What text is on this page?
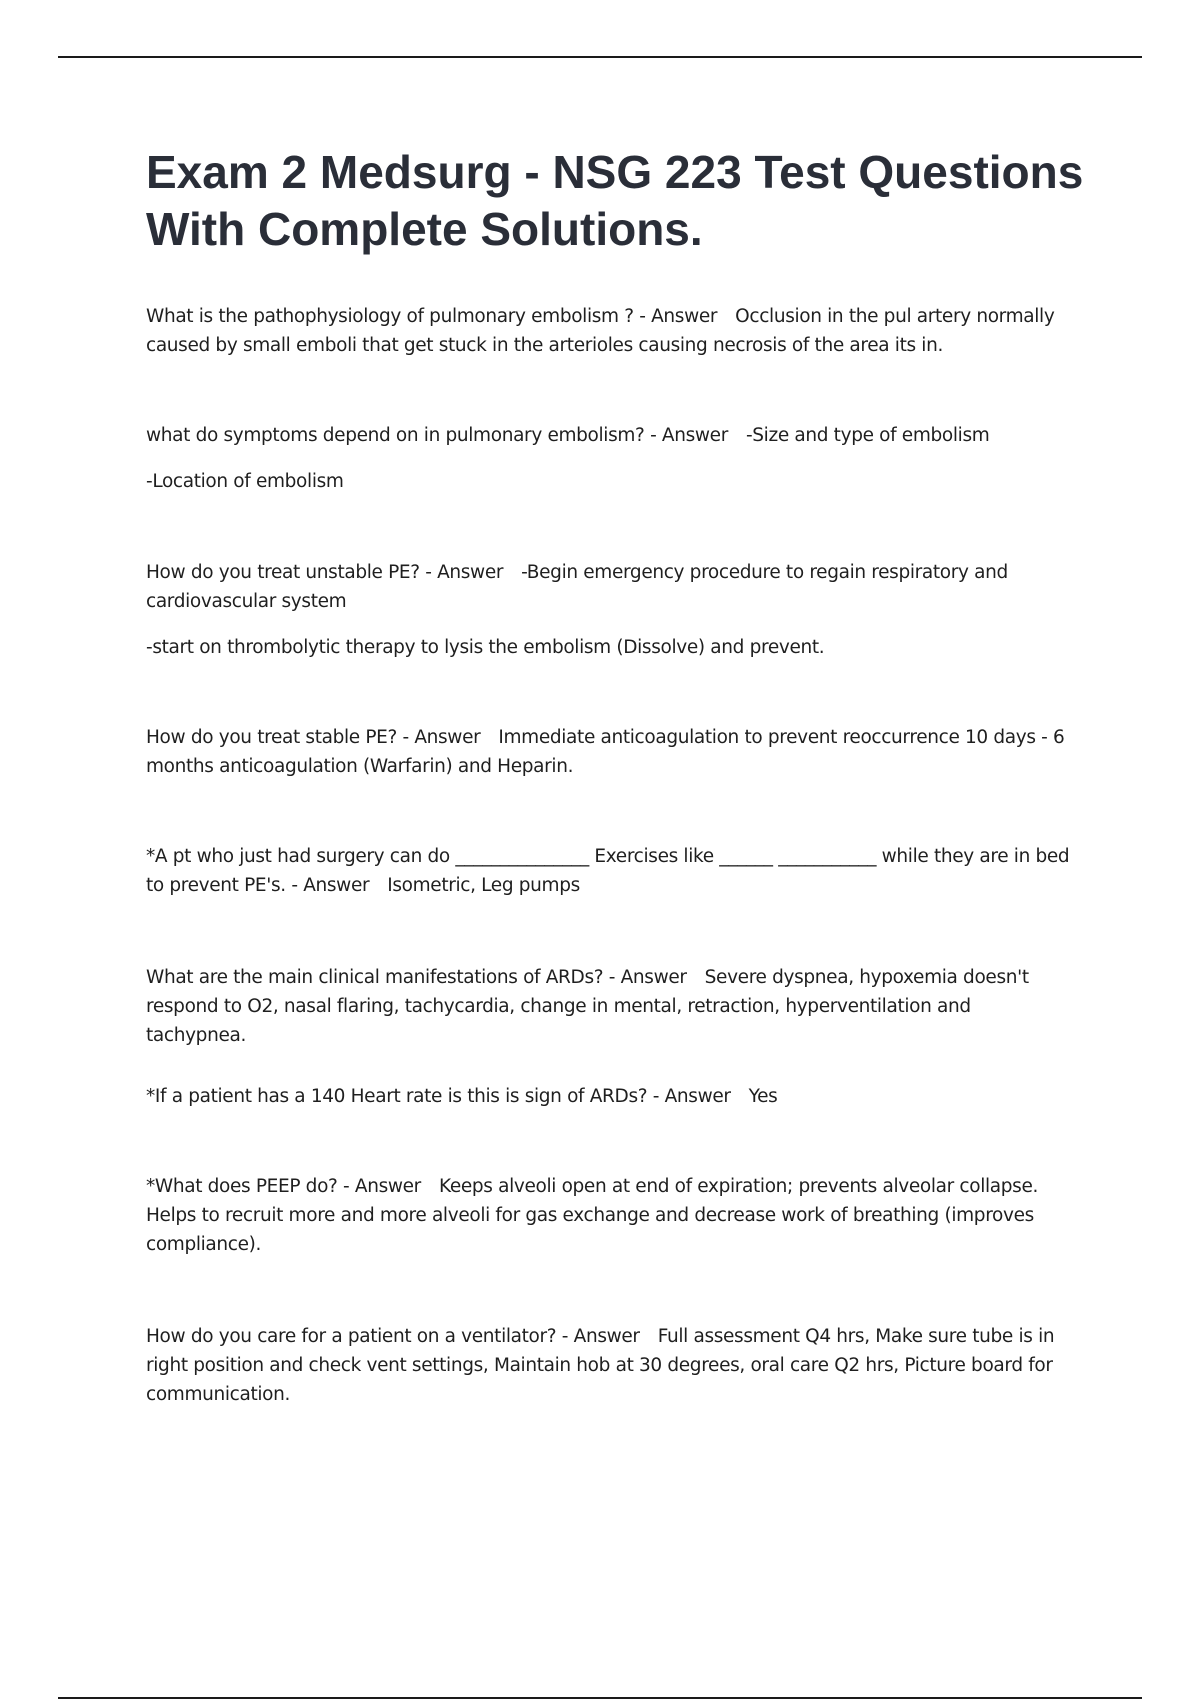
Exam 2 Medsurg - NSG 223 Test Questions With Complete Solutions.

What is the pathophysiology of pulmonary embolism ? - Answer Occlusion in the pul artery normally caused by small emboli that get stuck in the arterioles causing necrosis of the area its in.

what do symptoms depend on in pulmonary embolism? - Answer -Size and type of embolism

-Location of embolism

How do you treat unstable PE? - Answer -Begin emergency procedure to regain respiratory and cardiovascular system

-start on thrombolytic therapy to lysis the embolism (Dissolve) and prevent.

How do you treat stable PE? - Answer Immediate anticoagulation to prevent reoccurrence 10 days - 6 months anticoagulation (Warfarin) and Heparin.

*A pt who just had surgery can do _______________ Exercises like ______ ___________ while they are in bed to prevent PE's. - Answer Isometric, Leg pumps

What are the main clinical manifestations of ARDs? - Answer Severe dyspnea, hypoxemia doesn't respond to O2, nasal flaring, tachycardia, change in mental, retraction, hyperventilation and tachypnea.

*If a patient has a 140 Heart rate is this is sign of ARDs? - Answer Yes

*What does PEEP do? - Answer Keeps alveoli open at end of expiration; prevents alveolar collapse. Helps to recruit more and more alveoli for gas exchange and decrease work of breathing (improves compliance).

How do you care for a patient on a ventilator? - Answer Full assessment Q4 hrs, Make sure tube is in right position and check vent settings, Maintain hob at 30 degrees, oral care Q2 hrs, Picture board for communication.
